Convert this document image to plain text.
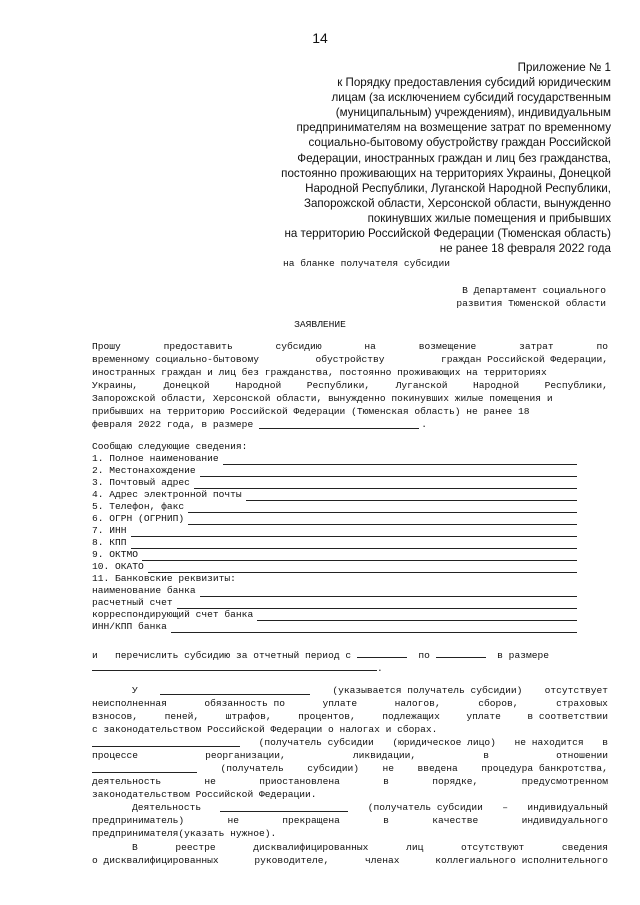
14
Приложение № 1
к Порядку предоставления субсидий юридическим
лицам (за исключением субсидий государственным
(муниципальным) учреждениям), индивидуальным
предпринимателям на возмещение затрат по временному
социально-бытовому обустройству граждан Российской
Федерации, иностранных граждан и лиц без гражданства,
постоянно проживающих на территориях Украины, Донецкой
Народной Республики, Луганской Народной Республики,
Запорожской области, Херсонской области, вынужденно
покинувших жилые помещения и прибывших
на территорию Российской Федерации (Тюменская область)
не ранее 18 февраля 2022 года
на бланке получателя субсидии
В Департамент социального
развития Тюменской области
ЗАЯВЛЕНИЕ
Прошу	предоставить	субсидию	на	возмещение	затрат	по
временному социально-бытовому	обустройству	граждан Российской Федерации,
иностранных граждан и лиц без гражданства, постоянно проживающих на территориях
Украины,	Донецкой	Народной	Республики,	Луганской	Народной	Республики,
Запорожской области, Херсонской области, вынужденно покинувших жилые помещения и
прибывших на территорию Российской Федерации (Тюменская область) не ранее 18
февраля 2022 года, в размере	.
Сообщаю следующие сведения:
1. Полное наименование
2. Местонахождение
3. Почтовый адрес
4. Адрес электронной почты
5. Телефон, факс
6. ОГРН (ОГРНИП)
7. ИНН
8. КПП
9. ОКТМО
10. ОКАТО
11. Банковские реквизиты:
наименование банка
расчетный счет
корреспондирующий счет банка
ИНН/КПП банка
и перечислить субсидию за отчетный период с	по	в размере
.
У	(указывается получатель субсидии) отсутствует
неисполненная	обязанность по	уплате	налогов,	сборов,	страховых
взносов,	пеней,	штрафов,	процентов,	подлежащих	уплате	в соответствии
с законодательством Российской Федерации о налогах и сборах.
(получатель субсидии (юридическое лицо) не находится в
процессе	реорганизации,	ликвидации,	в	отношении
(получатель субсидии) не введена процедура банкротства,
деятельность	не	приостановлена	в	порядке,	предусмотренном
законодательством Российской Федерации.
Деятельность	(получатель субсидии – индивидуальный
предприниматель)	не	прекращена	в	качестве	индивидуального
предпринимателя(указать нужное).
В	реестре	дисквалифицированных	лиц	отсутствуют	сведения
о дисквалифицированных	руководителе,	членах	коллегиального исполнительного
